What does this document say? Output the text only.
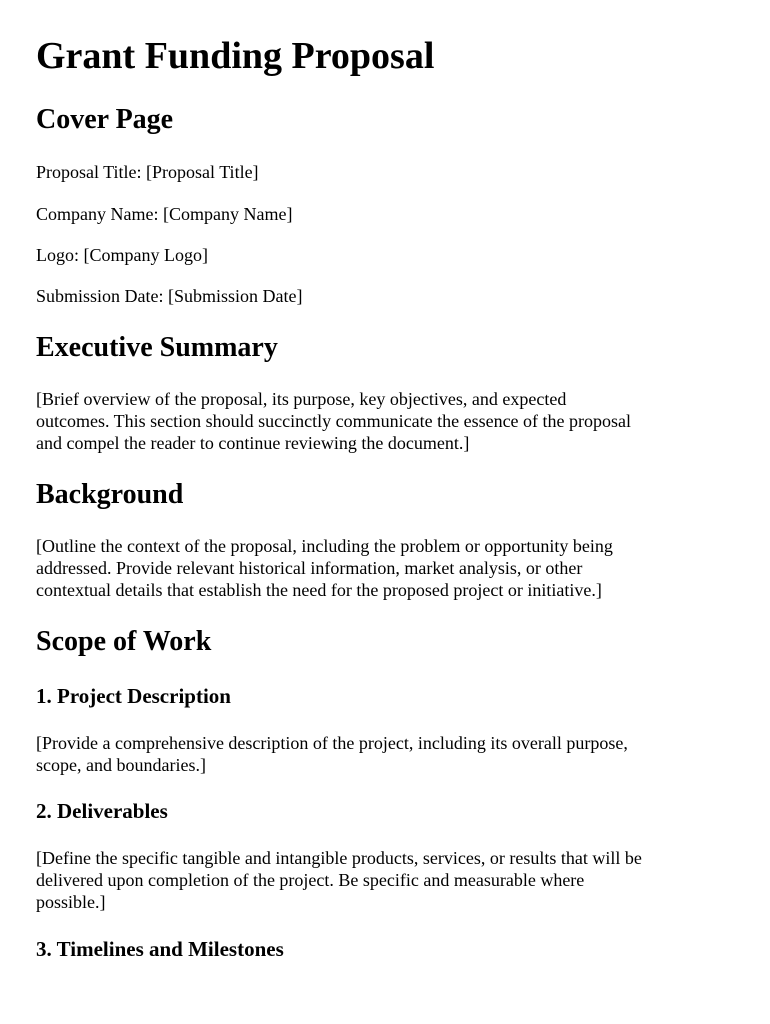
Grant Funding Proposal
Cover Page

Proposal Title: [Proposal Title]

Company Name: [Company Name]

Logo: [Company Logo]

Submission Date: [Submission Date]

Executive Summary

[Brief overview of the proposal, its purpose, key objectives, and expected
outcomes. This section should succinctly communicate the essence of the proposal
and compel the reader to continue reviewing the document.]

Background

[Outline the context of the proposal, including the problem or opportunity being
addressed. Provide relevant historical information, market analysis, or other
contextual details that establish the need for the proposed project or initiative.]

Scope of Work
1. Project Description

[Provide a comprehensive description of the project, including its overall purpose,
scope, and boundaries.]

2. Deliverables

[Define the specific tangible and intangible products, services, or results that will be
delivered upon completion of the project. Be specific and measurable where
possible.]

3. Timelines and Milestones
